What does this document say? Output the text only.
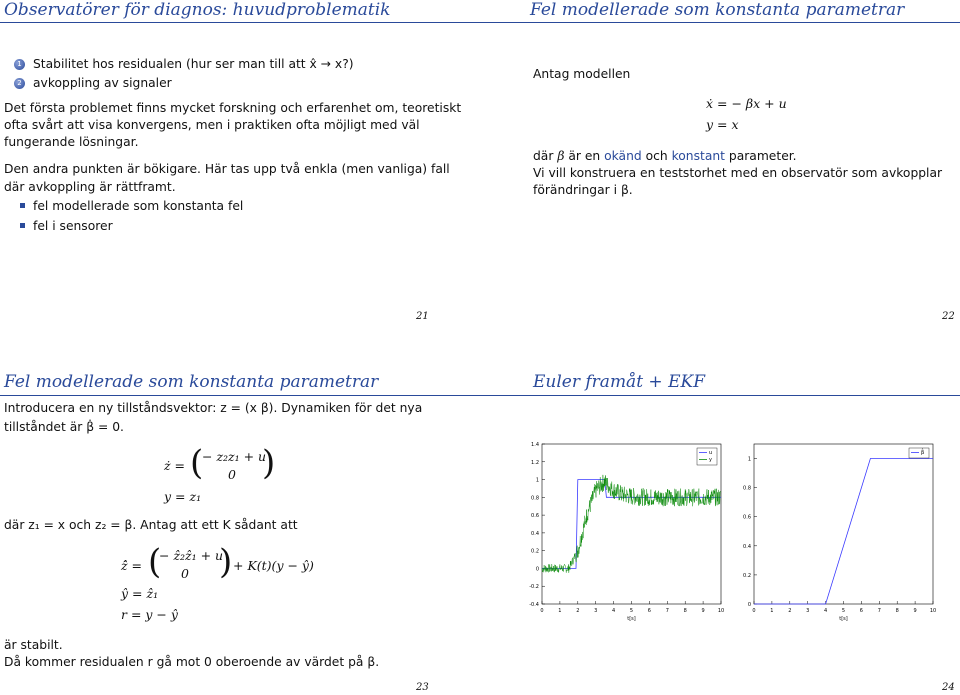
Observatörer för diagnos: huvudproblematik
1 Stabilitet hos residualen (hur ser man till att x̂ → x?)
2 avkoppling av signaler
Det första problemet finns mycket forskning och erfarenhet om, teoretiskt
ofta svårt att visa konvergens, men i praktiken ofta möjligt med väl
fungerande lösningar.
Den andra punkten är bökigare. Här tas upp två enkla (men vanliga) fall
där avkoppling är rättframt.
fel modellerade som konstanta fel
fel i sensorer
21
Fel modellerade som konstanta parametrar
Antag modellen
ẋ = − βx + u
y = x
där β är en okänd och konstant parameter.
Vi vill konstruera en teststorhet med en observatör som avkopplar
förändringar i β.
22
Fel modellerade som konstanta parametrar
Introducera en ny tillståndsvektor: z = (x β). Dynamiken för det nya
tillståndet är β̇ = 0.
ż = (
− z₂z₁ + u
0 )
y = z₁
där z₁ = x och z₂ = β. Antag att ett K sådant att
ẑ̇ = (
− ẑ₂ẑ₁ + u
0 ) + K(t)(y − ŷ)
ŷ = ẑ₁
r = y − ŷ
är stabilt.
Då kommer residualen r gå mot 0 oberoende av värdet på β.
23
Euler framåt + EKF
0	1	2	3	4	5	6	7	8	9	10
1.4
1.2
1
0.8
0.6
0.4
0.2
0
-0.2
-0.4
t[s]
u
y
0	1	2	3	4	5	6	7	8	9	10
1
0.8
0.6
0.4
0.2
0
t[s]
β̂
24
